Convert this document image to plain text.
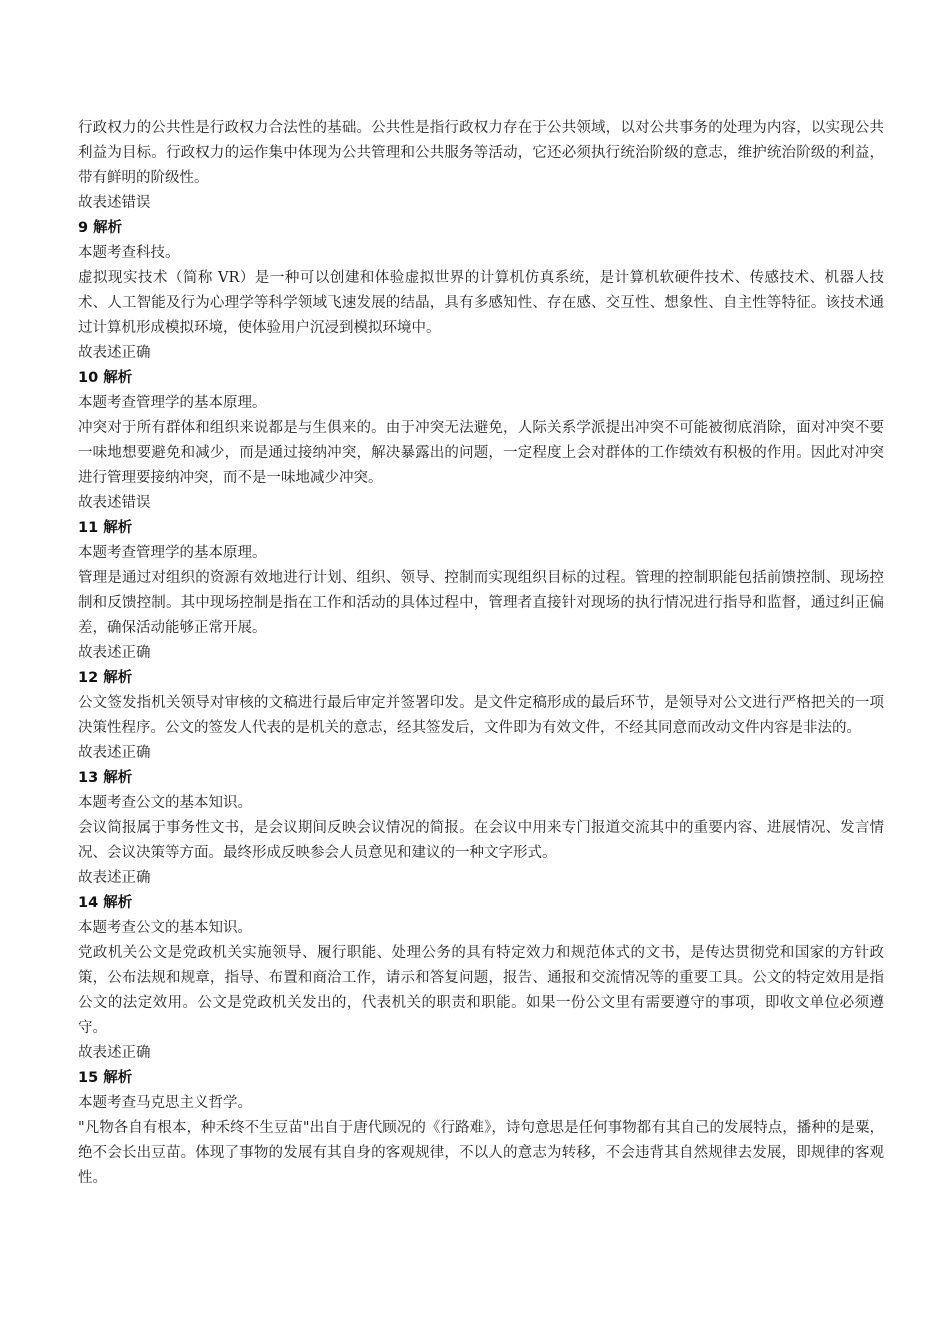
行政权力的公共性是行政权力合法性的基础。公共性是指行政权力存在于公共领域，以对公共事务的处理为内容，以实现公共利益为目标。行政权力的运作集中体现为公共管理和公共服务等活动，它还必须执行统治阶级的意志，维护统治阶级的利益，带有鲜明的阶级性。

故表述错误

9 解析

本题考查科技。

虚拟现实技术（简称 VR）是一种可以创建和体验虚拟世界的计算机仿真系统，是计算机软硬件技术、传感技术、机器人技术、人工智能及行为心理学等科学领域飞速发展的结晶，具有多感知性、存在感、交互性、想象性、自主性等特征。该技术通过计算机形成模拟环境，使体验用户沉浸到模拟环境中。

故表述正确

10 解析

本题考查管理学的基本原理。

冲突对于所有群体和组织来说都是与生俱来的。由于冲突无法避免，人际关系学派提出冲突不可能被彻底消除，面对冲突不要一味地想要避免和减少，而是通过接纳冲突，解决暴露出的问题，一定程度上会对群体的工作绩效有积极的作用。因此对冲突进行管理要接纳冲突，而不是一味地减少冲突。

故表述错误

11 解析

本题考查管理学的基本原理。

管理是通过对组织的资源有效地进行计划、组织、领导、控制而实现组织目标的过程。管理的控制职能包括前馈控制、现场控制和反馈控制。其中现场控制是指在工作和活动的具体过程中，管理者直接针对现场的执行情况进行指导和监督，通过纠正偏差，确保活动能够正常开展。

故表述正确

12 解析

公文签发指机关领导对审核的文稿进行最后审定并签署印发。是文件定稿形成的最后环节，是领导对公文进行严格把关的一项决策性程序。公文的签发人代表的是机关的意志，经其签发后，文件即为有效文件，不经其同意而改动文件内容是非法的。

故表述正确

13 解析

本题考查公文的基本知识。

会议简报属于事务性文书，是会议期间反映会议情况的简报。在会议中用来专门报道交流其中的重要内容、进展情况、发言情况、会议决策等方面。最终形成反映参会人员意见和建议的一种文字形式。

故表述正确

14 解析

本题考查公文的基本知识。

党政机关公文是党政机关实施领导、履行职能、处理公务的具有特定效力和规范体式的文书，是传达贯彻党和国家的方针政策，公布法规和规章，指导、布置和商洽工作，请示和答复问题，报告、通报和交流情况等的重要工具。公文的特定效用是指公文的法定效用。公文是党政机关发出的，代表机关的职责和职能。如果一份公文里有需要遵守的事项，即收文单位必须遵守。

故表述正确

15 解析

本题考查马克思主义哲学。

"凡物各自有根本，种禾终不生豆苗"出自于唐代顾况的《行路难》，诗句意思是任何事物都有其自己的发展特点，播种的是粟，绝不会长出豆苗。体现了事物的发展有其自身的客观规律，不以人的意志为转移，不会违背其自然规律去发展，即规律的客观性。
